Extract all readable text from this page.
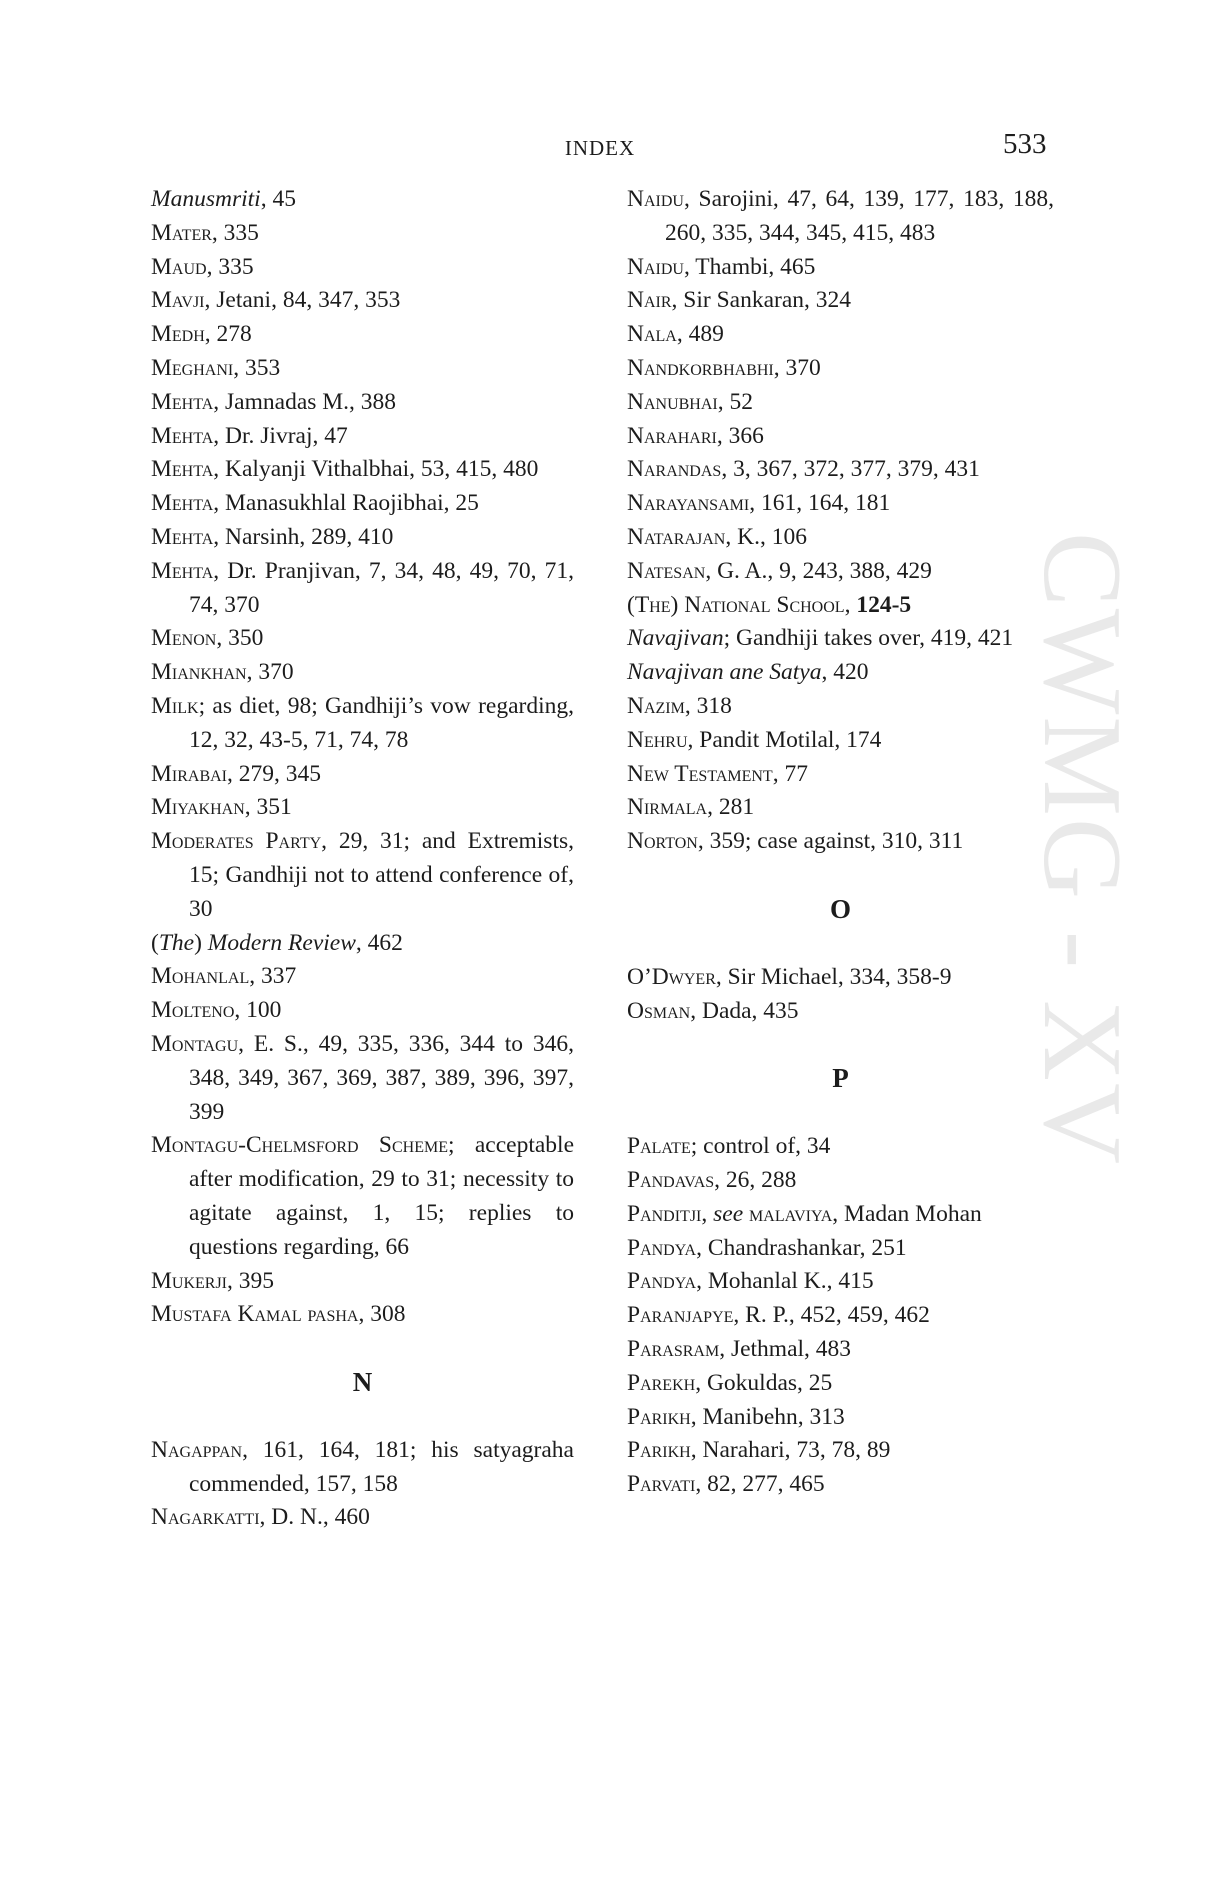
INDEX	533
CWMG - XV
Manusmriti, 45
Mater, 335
Maud, 335
Mavji, Jetani, 84, 347, 353
Medh, 278
Meghani, 353
Mehta, Jamnadas M., 388
Mehta, Dr. Jivraj, 47
Mehta, Kalyanji Vithalbhai, 53, 415, 480
Mehta, Manasukhlal Raojibhai, 25
Mehta, Narsinh, 289, 410
Mehta, Dr. Pranjivan, 7, 34, 48, 49, 70, 71, 74, 370
Menon, 350
Miankhan, 370
Milk; as diet, 98; Gandhiji’s vow regarding, 12, 32, 43-5, 71, 74, 78
Mirabai, 279, 345
Miyakhan, 351
Moderates Party, 29, 31; and Extremists, 15; Gandhiji not to attend conference of, 30
(The) Modern Review, 462
Mohanlal, 337
Molteno, 100
Montagu, E. S., 49, 335, 336, 344 to 346, 348, 349, 367, 369, 387, 389, 396, 397, 399
Montagu-Chelmsford Scheme; acceptable after modification, 29 to 31; necessity to agitate against, 1, 15; replies to questions regarding, 66
Mukerji, 395
Mustafa Kamal pasha, 308
N
Nagappan, 161, 164, 181; his satyagraha commended, 157, 158
Nagarkatti, D. N., 460
Naidu, Sarojini, 47, 64, 139, 177, 183, 188, 260, 335, 344, 345, 415, 483
Naidu, Thambi, 465
Nair, Sir Sankaran, 324
Nala, 489
Nandkorbhabhi, 370
Nanubhai, 52
Narahari, 366
Narandas, 3, 367, 372, 377, 379, 431
Narayansami, 161, 164, 181
Natarajan, K., 106
Natesan, G. A., 9, 243, 388, 429
(The) National School, 124-5
Navajivan; Gandhiji takes over, 419, 421
Navajivan ane Satya, 420
Nazim, 318
Nehru, Pandit Motilal, 174
New Testament, 77
Nirmala, 281
Norton, 359; case against, 310, 311
O
O’Dwyer, Sir Michael, 334, 358-9
Osman, Dada, 435
P
Palate; control of, 34
Pandavas, 26, 288
Panditji, see malaviya, Madan Mohan
Pandya, Chandrashankar, 251
Pandya, Mohanlal K., 415
Paranjapye, R. P., 452, 459, 462
Parasram, Jethmal, 483
Parekh, Gokuldas, 25
Parikh, Manibehn, 313
Parikh, Narahari, 73, 78, 89
Parvati, 82, 277, 465
